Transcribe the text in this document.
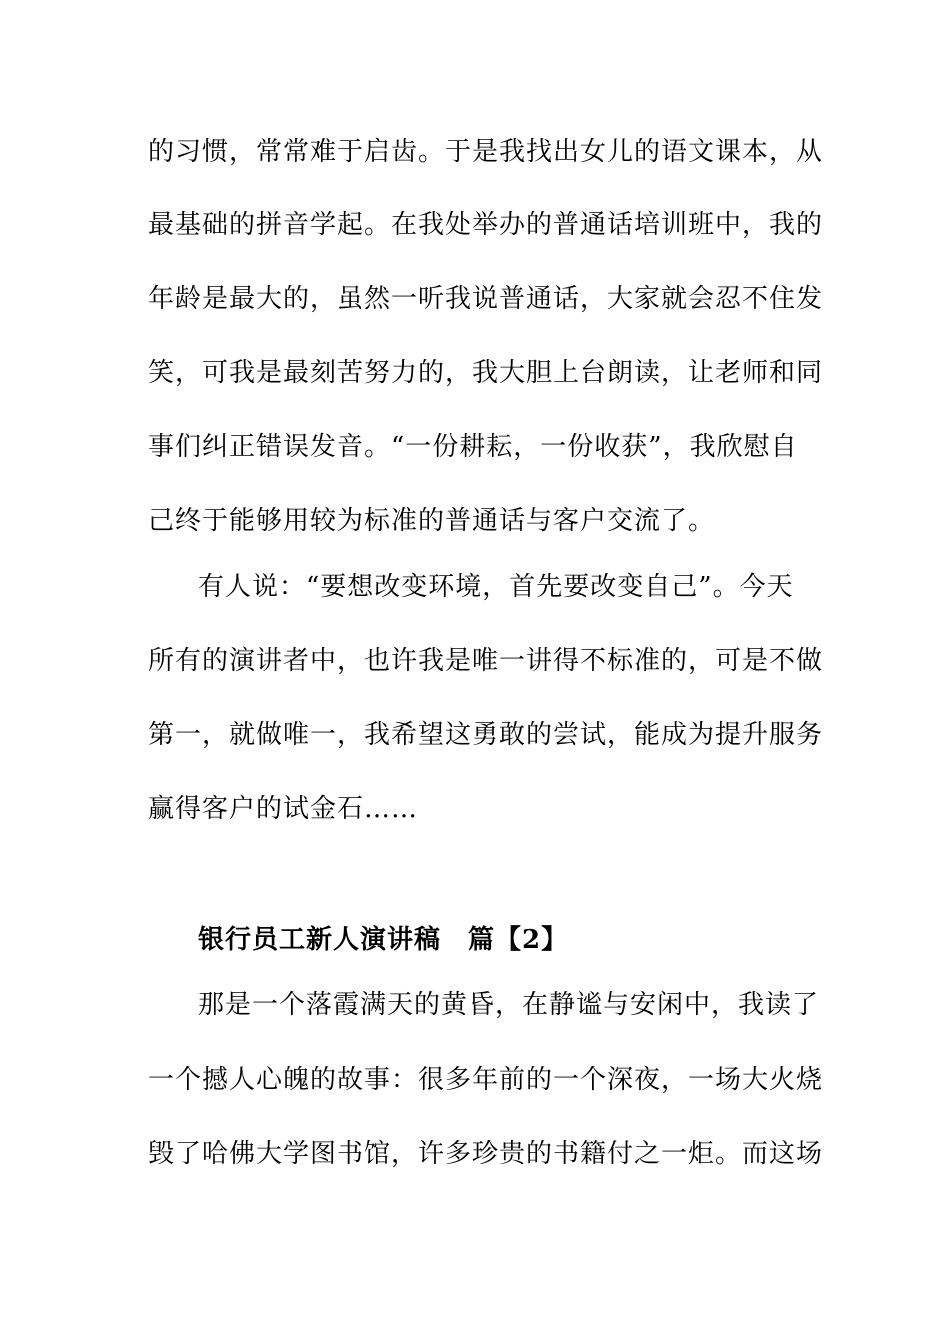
的习惯，常常难于启齿。于是我找出女儿的语文课本，从
最基础的拼音学起。在我处举办的普通话培训班中，我的
年龄是最大的，虽然一听我说普通话，大家就会忍不住发
笑，可我是最刻苦努力的，我大胆上台朗读，让老师和同
事们纠正错误发音。“一份耕耘，一份收获”，我欣慰自
己终于能够用较为标准的普通话与客户交流了。
有人说：“要想改变环境，首先要改变自己”。今天
所有的演讲者中，也许我是唯一讲得不标准的，可是不做
第一，就做唯一，我希望这勇敢的尝试，能成为提升服务
赢得客户的试金石……
银行员工新人演讲稿　篇【2】
那是一个落霞满天的黄昏，在静谧与安闲中，我读了
一个撼人心魄的故事：很多年前的一个深夜，一场大火烧
毁了哈佛大学图书馆，许多珍贵的书籍付之一炬。而这场
